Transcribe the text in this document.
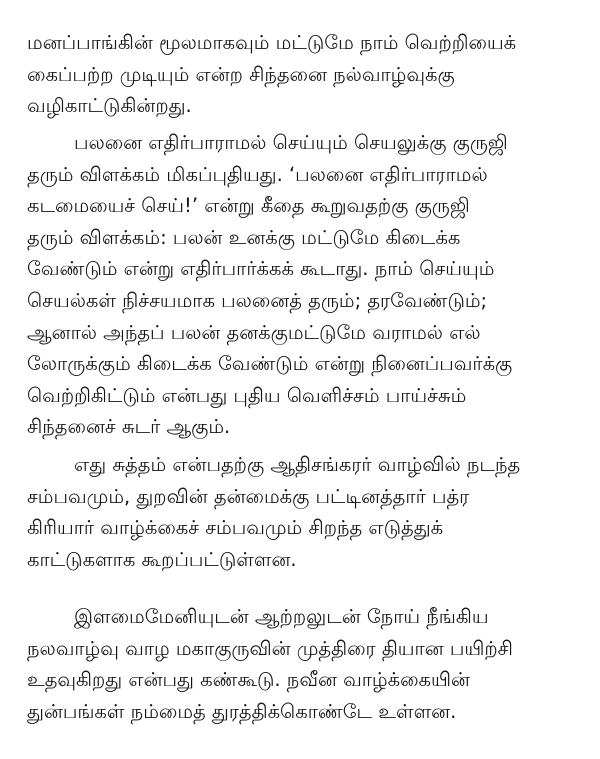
மனப்பாங்கின் மூலமாகவும் மட்டுமே நாம் வெற்றியைக்
கைப்பற்ற முடியும் என்ற சிந்தனை நல்வாழ்வுக்கு
வழிகாட்டுகின்றது.

பலனை எதிர்பாராமல் செய்யும் செயலுக்கு குருஜி
தரும் விளக்கம் மிகப்புதியது. ‘பலனை எதிர்பாராமல்
கடமையைச் செய்!’ என்று கீதை கூறுவதற்கு குருஜி
தரும் விளக்கம்: பலன் உனக்கு மட்டுமே கிடைக்க
வேண்டும் என்று எதிர்பார்க்கக் கூடாது. நாம் செய்யும்
செயல்கள் நிச்சயமாக பலனைத் தரும்; தரவேண்டும்;
ஆனால் அந்தப் பலன் தனக்குமட்டுமே வராமல் எல்
லோருக்கும் கிடைக்க வேண்டும் என்று நினைப்பவர்க்கு
வெற்றிகிட்டும் என்பது புதிய வெளிச்சம் பாய்ச்சும்
சிந்தனைச் சுடர் ஆகும்.

எது சுத்தம் என்பதற்கு ஆதிசங்கரர் வாழ்வில் நடந்த
சம்பவமும், துறவின் தன்மைக்கு பட்டினத்தார் பத்ர
கிரியார் வாழ்க்கைச் சம்பவமும் சிறந்த எடுத்துக்
காட்டுகளாக கூறப்பட்டுள்ளன.

இளமைமேனியுடன் ஆற்றலுடன் நோய் நீங்கிய
நலவாழ்வு வாழ மகாகுருவின் முத்திரை தியான பயிற்சி
உதவுகிறது என்பது கண்கூடு. நவீன வாழ்க்கையின்
துன்பங்கள் நம்மைத் துரத்திக்கொண்டே உள்ளன.
